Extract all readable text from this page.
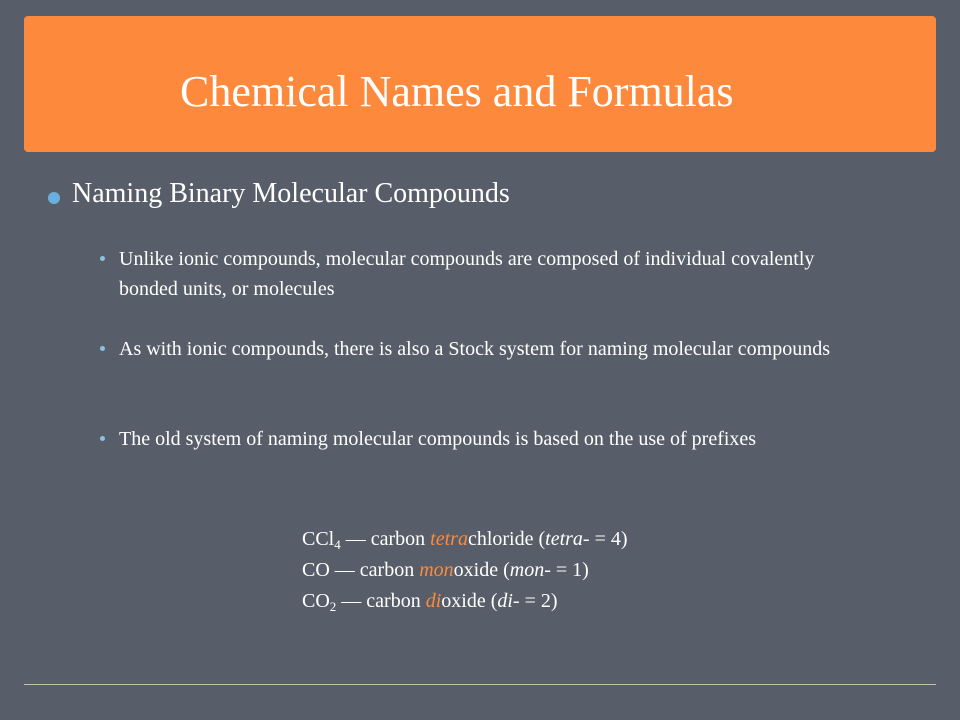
Chemical Names and Formulas
Naming Binary Molecular Compounds
Unlike ionic compounds, molecular compounds are composed of individual covalently bonded units, or molecules
As with ionic compounds, there is also a Stock system for naming molecular compounds
The old system of naming molecular compounds is based on the use of prefixes
CCl$_4$ — carbon tetrachloride (tetra- = 4)
CO — carbon monoxide (mon- = 1)
$CO_2$ — carbon dioxide (di- = 2)
